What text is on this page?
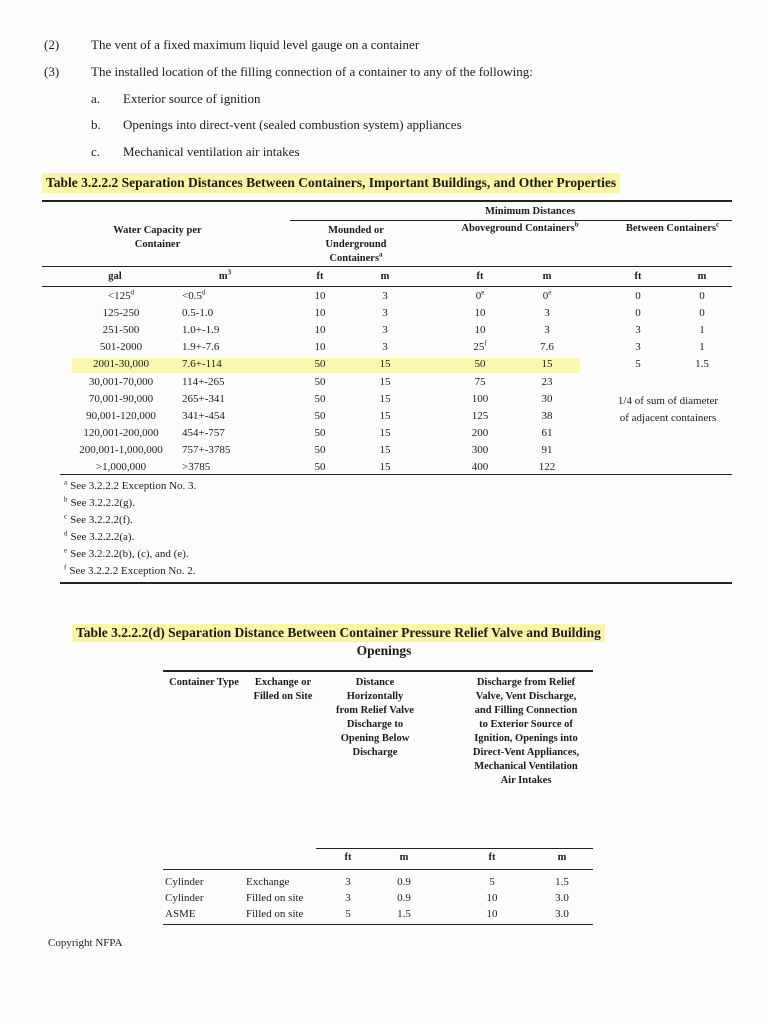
(2) The vent of a fixed maximum liquid level gauge on a container
(3) The installed location of the filling connection of a container to any of the following:
a. Exterior source of ignition
b. Openings into direct-vent (sealed combustion system) appliances
c. Mechanical ventilation air intakes
Table 3.2.2.2 Separation Distances Between Containers, Important Buildings, and Other Properties
Minimum Distances
Water Capacity per Container
Mounded or Underground Containers$^a$
Aboveground Containers$^b$	Between Containers$^c$
gal	$m^3$	ft	m	ft	m	ft	m
$<125^d$	<0.5$^d$	10	3	0e	0e	0	0
125-250	0.5-1.0	10	3	10	3	0	0
251-500	1.0+-1.9	10	3	10	3	3	1
501-2000	1.9+-7.6	10	3	25$^f$	7.6	3	1
2001-30,000	7.6+-114	50	15	50	15	5	1.5
30,001-70,000	114+-265	50	15	75	23
70,001-90,000	265+-341	50	15	100	30
90,001-120,000	341+-454	50	15	125	38
120,001-200,000	454+-757	50	15	200	61
200,001-1,000,000	757+-3785	50	15	300	91
>1,000,000	>3785	50	15	400	122
1/4 of sum of diameter
of adjacent containers
$^a$ See 3.2.2.2 Exception No. 3.
$^b$ See 3.2.2.2(g).
$^c$ See 3.2.2.2(f).
$^d$ See 3.2.2.2(a).
$^e$ See 3.2.2.2(b), (c), and (e).
$^f$ See 3.2.2.2 Exception No. 2.
Table 3.2.2.2(d) Separation Distance Between Container Pressure Relief Valve and Building
Openings
Container Type	Exchange or Filled on Site
Distance Horizontally from Relief Valve Discharge to Opening Below Discharge
Discharge from Relief Valve, Vent Discharge, and Filling Connection to Exterior Source of Ignition, Openings into Direct-Vent Appliances, Mechanical Ventilation Air Intakes
ft	m	ft	m
Cylinder	Exchange	3	0.9	5	1.5
Cylinder	Filled on site	3	0.9	10	3.0
ASME	Filled on site	5	1.5	10	3.0
Copyright NFPA
